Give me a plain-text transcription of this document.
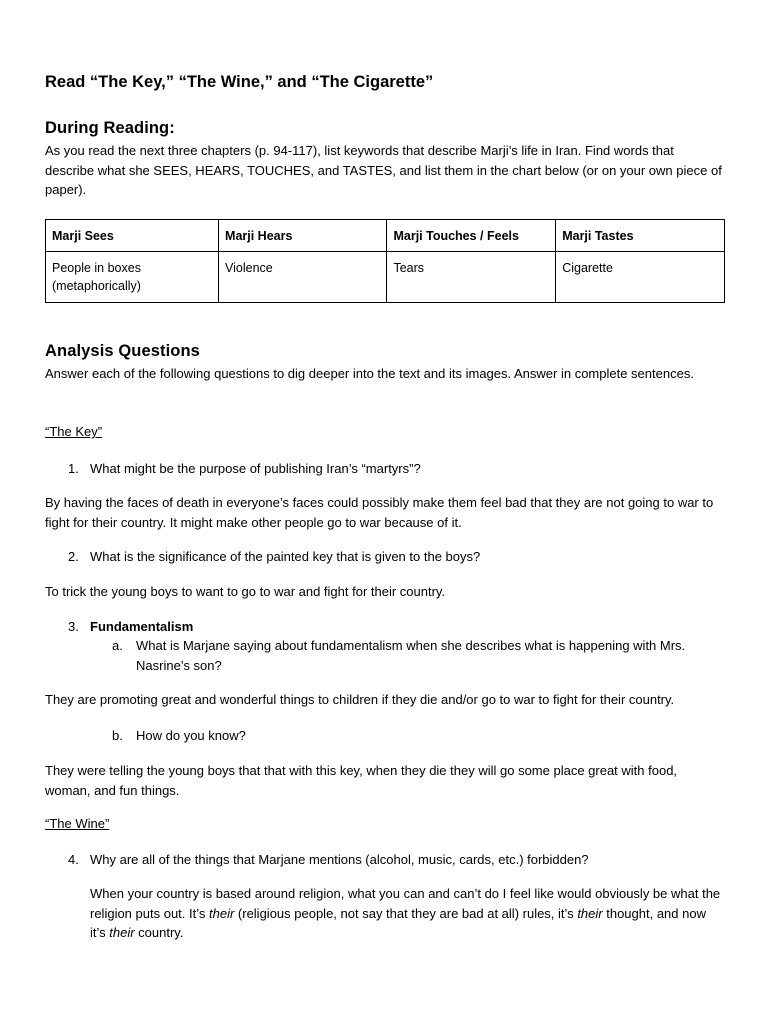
Read “The Key,” “The Wine,” and “The Cigarette”
During Reading:
As you read the next three chapters (p. 94-117), list keywords that describe Marji’s life in Iran. Find words that describe what she SEES, HEARS, TOUCHES, and TASTES, and list them in the chart below (or on your own piece of paper).
Marji Sees	Marji Hears	Marji Touches / Feels	Marji Tastes
People in boxes (metaphorically)	Violence	Tears	Cigarette
Analysis Questions
Answer each of the following questions to dig deeper into the text and its images. Answer in complete sentences.
“The Key”
1. What might be the purpose of publishing Iran’s “martyrs”?
By having the faces of death in everyone’s faces could possibly make them feel bad that they are not going to war to fight for their country. It might make other people go to war because of it.
2. What is the significance of the painted key that is given to the boys?
To trick the young boys to want to go to war and fight for their country.
3. Fundamentalism
a. What is Marjane saying about fundamentalism when she describes what is happening with Mrs. Nasrine’s son?
They are promoting great and wonderful things to children if they die and/or go to war to fight for their country.
b. How do you know?
They were telling the young boys that that with this key, when they die they will go some place great with food, woman, and fun things.
“The Wine”
4. Why are all of the things that Marjane mentions (alcohol, music, cards, etc.) forbidden?
When your country is based around religion, what you can and can’t do I feel like would obviously be what the religion puts out. It’s their (religious people, not say that they are bad at all) rules, it’s their thought, and now it’s their country.
